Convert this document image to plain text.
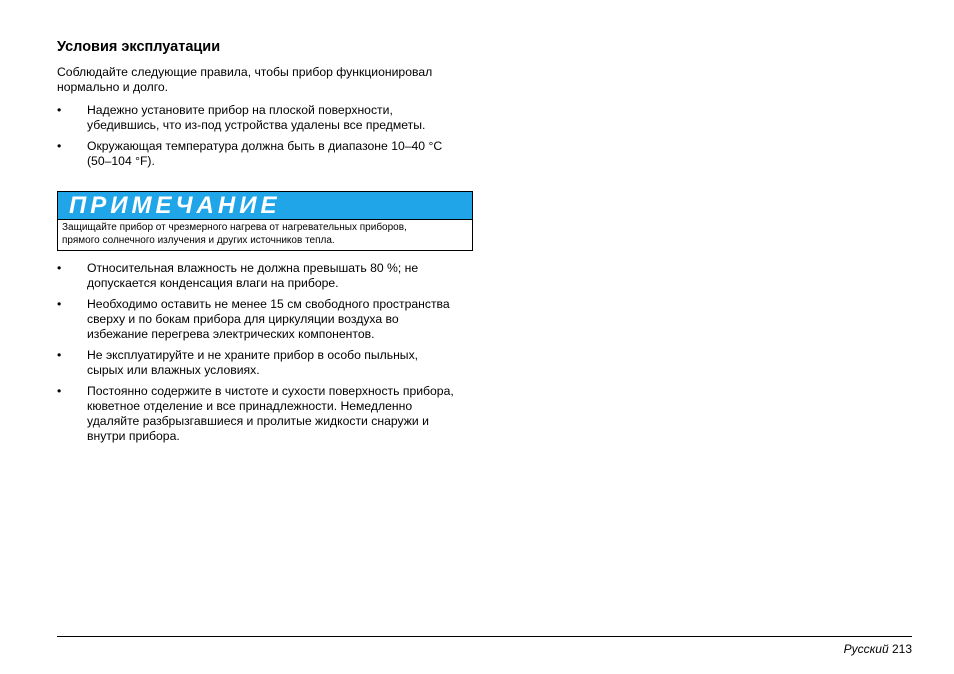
Условия эксплуатации

Соблюдайте следующие правила, чтобы прибор функционировал
нормально и долго.

• Надежно установите прибор на плоской поверхности,
убедившись, что из-под устройства удалены все предметы.
• Окружающая температура должна быть в диапазоне 10–40 °C
(50–104 °F).
ПРИМЕЧАНИЕ
Защищайте прибор от чрезмерного нагрева от нагревательных приборов,
прямого солнечного излучения и других источников тепла.
• Относительная влажность не должна превышать 80 %; не
допускается конденсация влаги на приборе.
• Необходимо оставить не менее 15 см свободного пространства
сверху и по бокам прибора для циркуляции воздуха во
избежание перегрева электрических компонентов.
• Не эксплуатируйте и не храните прибор в особо пыльных,
сырых или влажных условиях.
• Постоянно содержите в чистоте и сухости поверхность прибора,
кюветное отделение и все принадлежности. Немедленно
удаляйте разбрызгавшиеся и пролитые жидкости снаружи и
внутри прибора.
Русский 213
